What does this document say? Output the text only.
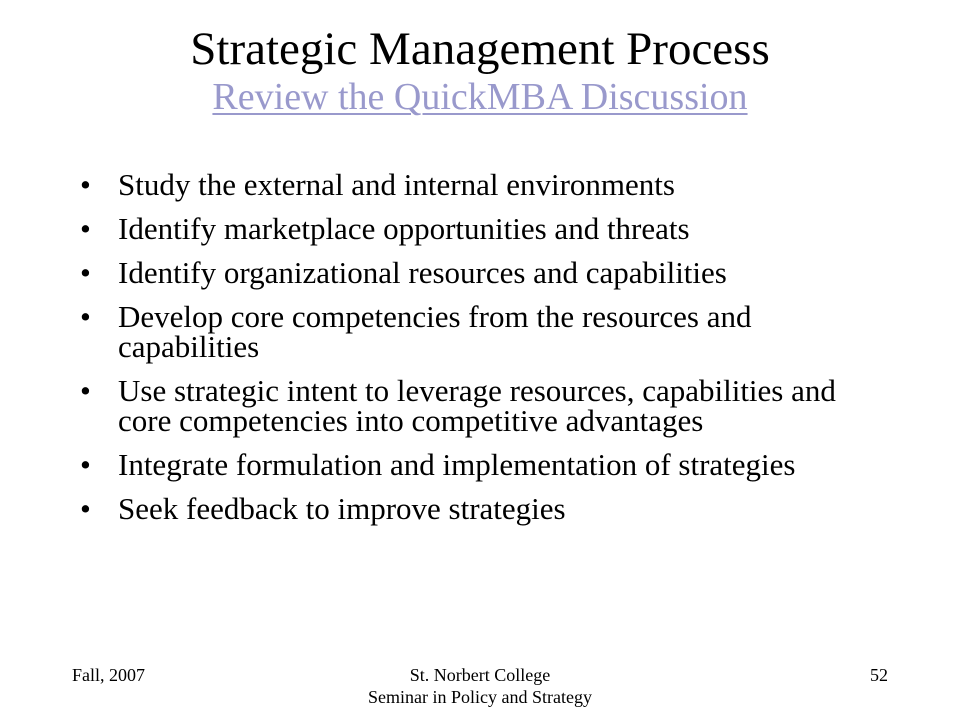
Strategic Management Process
Review the QuickMBA Discussion
• Study the external and internal environments
• Identify marketplace opportunities and threats
• Identify organizational resources and capabilities
• Develop core competencies from the resources and capabilities
• Use strategic intent to leverage resources, capabilities and core competencies into competitive advantages
• Integrate formulation and implementation of strategies
• Seek feedback to improve strategies
Fall, 2007	St. Norbert College
Seminar in Policy and Strategy
52
